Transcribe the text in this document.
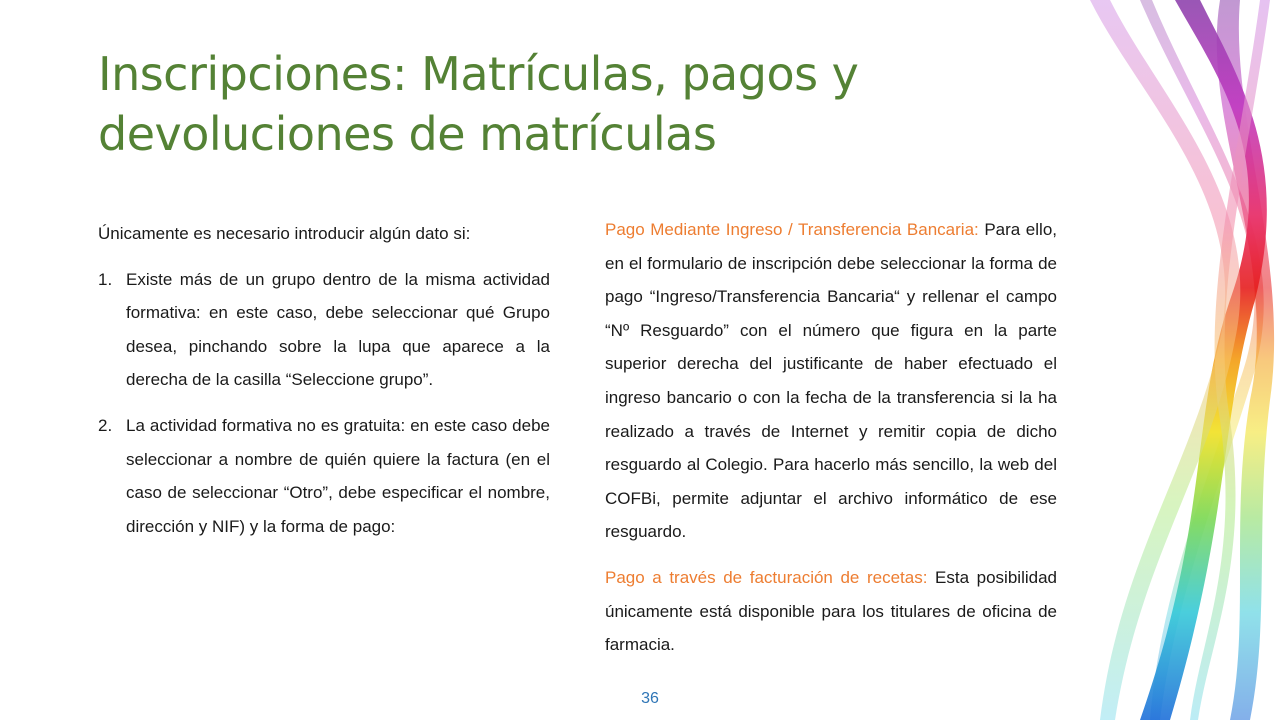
Inscripciones: Matrículas, pagos y
devoluciones de matrículas

Únicamente es necesario introducir algún dato si:

1. Existe más de un grupo dentro de la misma actividad formativa: en este caso, debe seleccionar qué Grupo desea, pinchando sobre la lupa que aparece a la derecha de la casilla “Seleccione grupo”.
2. La actividad formativa no es gratuita: en este caso debe seleccionar a nombre de quién quiere la factura (en el caso de seleccionar “Otro”, debe especificar el nombre, dirección y NIF) y la forma de pago:

Pago Mediante Ingreso / Transferencia Bancaria: Para ello, en el formulario de inscripción debe seleccionar la forma de pago “Ingreso/Transferencia Bancaria“ y rellenar el campo “Nº Resguardo” con el número que figura en la parte superior derecha del justificante de haber efectuado el ingreso bancario o con la fecha de la transferencia si la ha realizado a través de Internet y remitir copia de dicho resguardo al Colegio. Para hacerlo más sencillo, la web del COFBi, permite adjuntar el archivo informático de ese resguardo.

Pago a través de facturación de recetas: Esta posibilidad únicamente está disponible para los titulares de oficina de farmacia.

36
